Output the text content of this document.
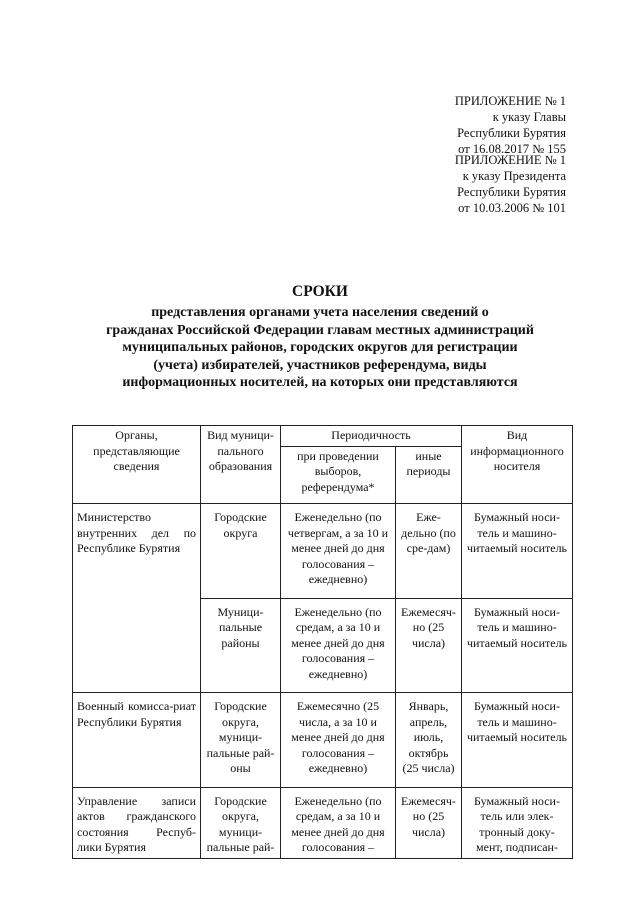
ПРИЛОЖЕНИЕ № 1
к указу Главы
Республики Бурятия
от 16.08.2017 № 155
ПРИЛОЖЕНИЕ № 1
к указу Президента
Республики Бурятия
от 10.03.2006 № 101
СРОКИ
представления органами учета населения сведений о
гражданах Российской Федерации главам местных администраций
муниципальных районов, городских округов для регистрации
(учета) избирателей, участников референдума, виды
информационных носителей, на которых они представляются
Органы, представляющие сведения	Вид муници-пального образования	Периодичность		Вид информационного носителя
		при проведении выборов, референдума*	иные периоды	
Министерство внутренних дел по Республике Бурятия	Городские округа	Еженедельно (по четвергам, а за 10 и менее дней до дня голосования – ежедневно)	Еже-дельно (по сре-дам)	Бумажный носи-тель и машино-читаемый носитель
	Муници-пальные районы	Еженедельно (по средам, а за 10 и менее дней до дня голосования – ежедневно)	Ежемесяч-но (25 числа)	Бумажный носи-тель и машино-читаемый носитель
Военный комисса-риат Республики Бурятия	Городские округа, муници-пальные рай-оны	Ежемесячно (25 числа, а за 10 и менее дней до дня голосования – ежедневно)	Январь, апрель, июль, октябрь (25 числа)	Бумажный носи-тель и машино-читаемый носитель
Управление записи актов гражданского состояния Респуб-лики Бурятия	Городские округа, муници-пальные рай-	Еженедельно (по средам, а за 10 и менее дней до дня голосования –	Ежемесяч-но (25 числа)	Бумажный носи-тель или элек-тронный доку-мент, подписан-
